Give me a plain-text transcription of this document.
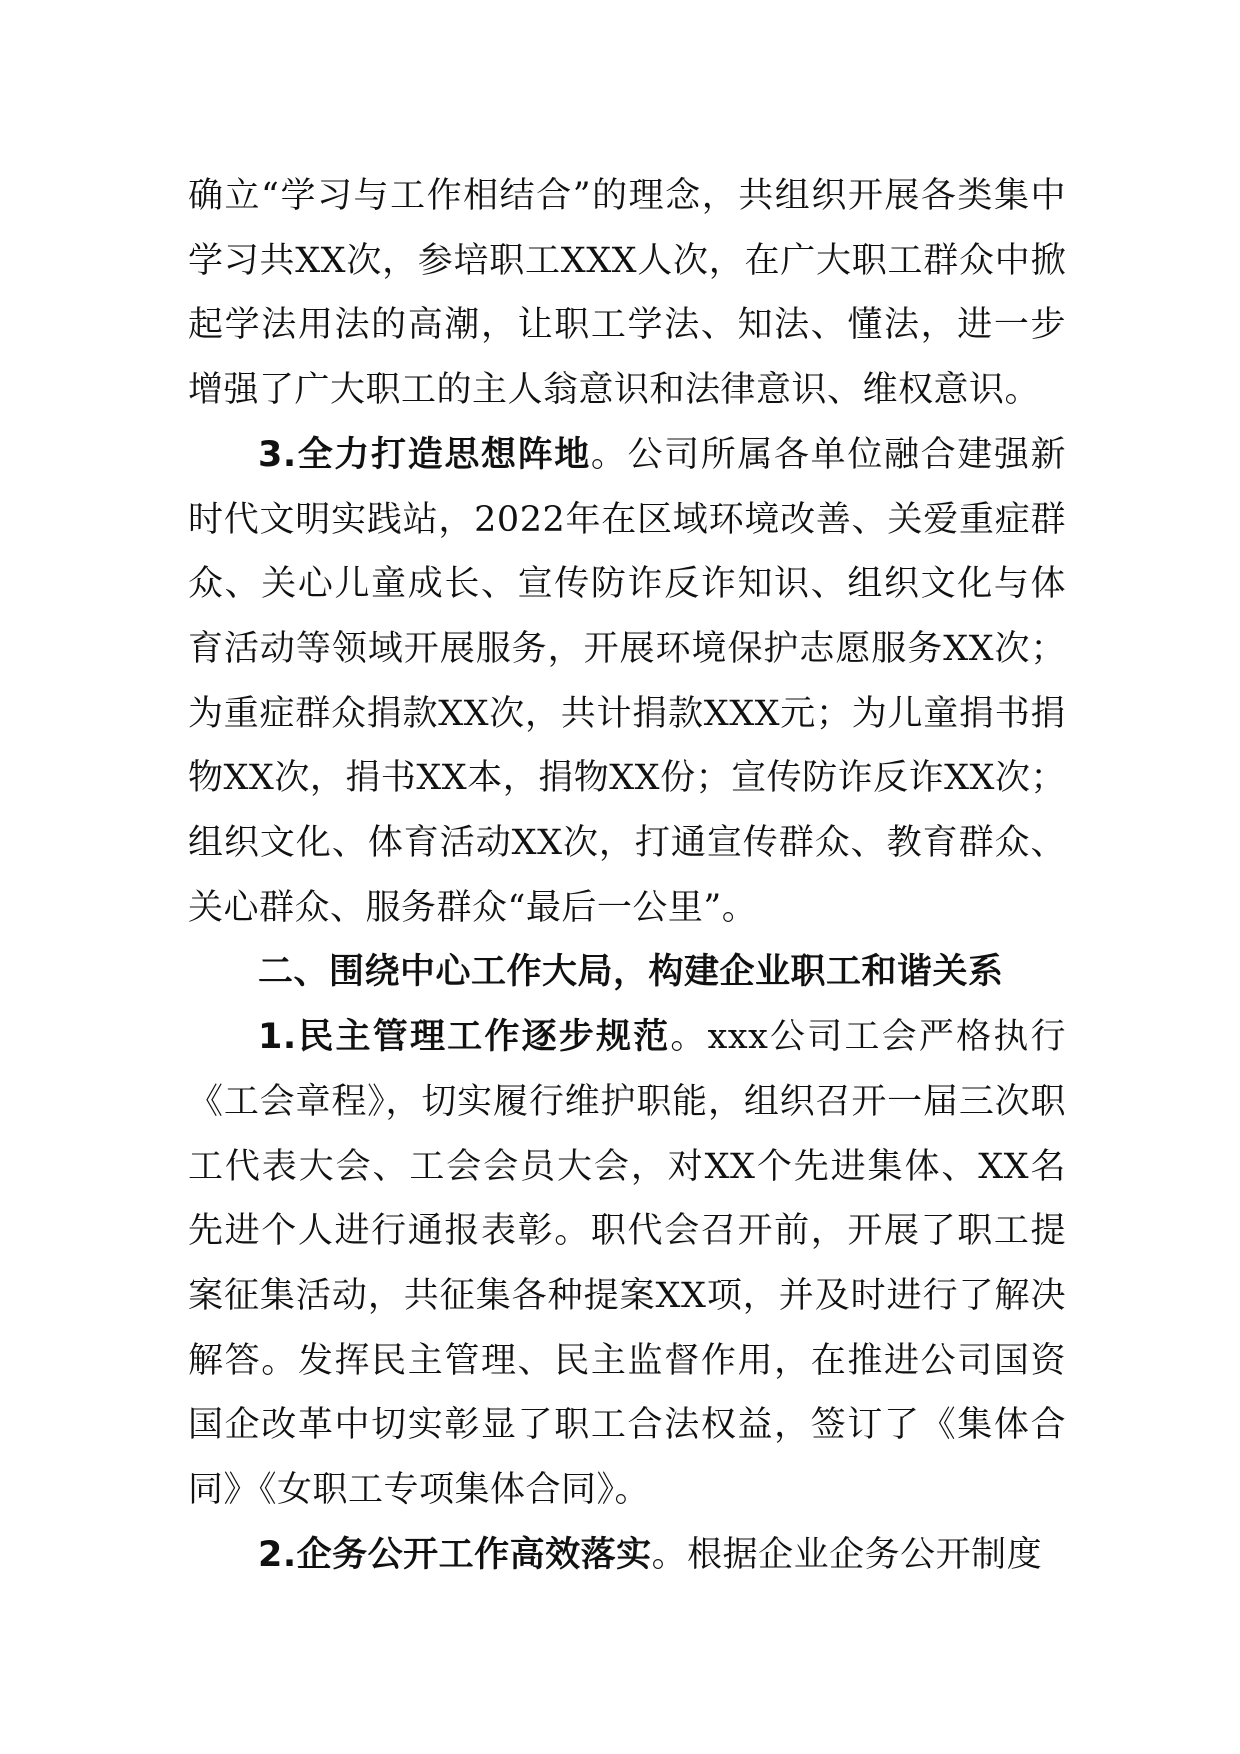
确立“学习与工作相结合”的理念，共组织开展各类集中学习共XX次，参培职工XXX人次，在广大职工群众中掀起学法用法的高潮，让职工学法、知法、懂法，进一步增强了广大职工的主人翁意识和法律意识、维权意识。

3.全力打造思想阵地。公司所属各单位融合建强新时代文明实践站，2022年在区域环境改善、关爱重症群众、关心儿童成长、宣传防诈反诈知识、组织文化与体育活动等领域开展服务，开展环境保护志愿服务XX次；为重症群众捐款XX次，共计捐款XXX元；为儿童捐书捐物XX次，捐书XX本，捐物XX份；宣传防诈反诈XX次；组织文化、体育活动XX次，打通宣传群众、教育群众、关心群众、服务群众“最后一公里”。

二、围绕中心工作大局，构建企业职工和谐关系

1.民主管理工作逐步规范。xxx公司工会严格执行《工会章程》，切实履行维护职能，组织召开一届三次职工代表大会、工会会员大会，对XX个先进集体、XX名先进个人进行通报表彰。职代会召开前，开展了职工提案征集活动，共征集各种提案XX项，并及时进行了解决解答。发挥民主管理、民主监督作用，在推进公司国资国企改革中切实彰显了职工合法权益，签订了《集体合同》《女职工专项集体合同》。

2.企务公开工作高效落实。根据企业企务公开制度
